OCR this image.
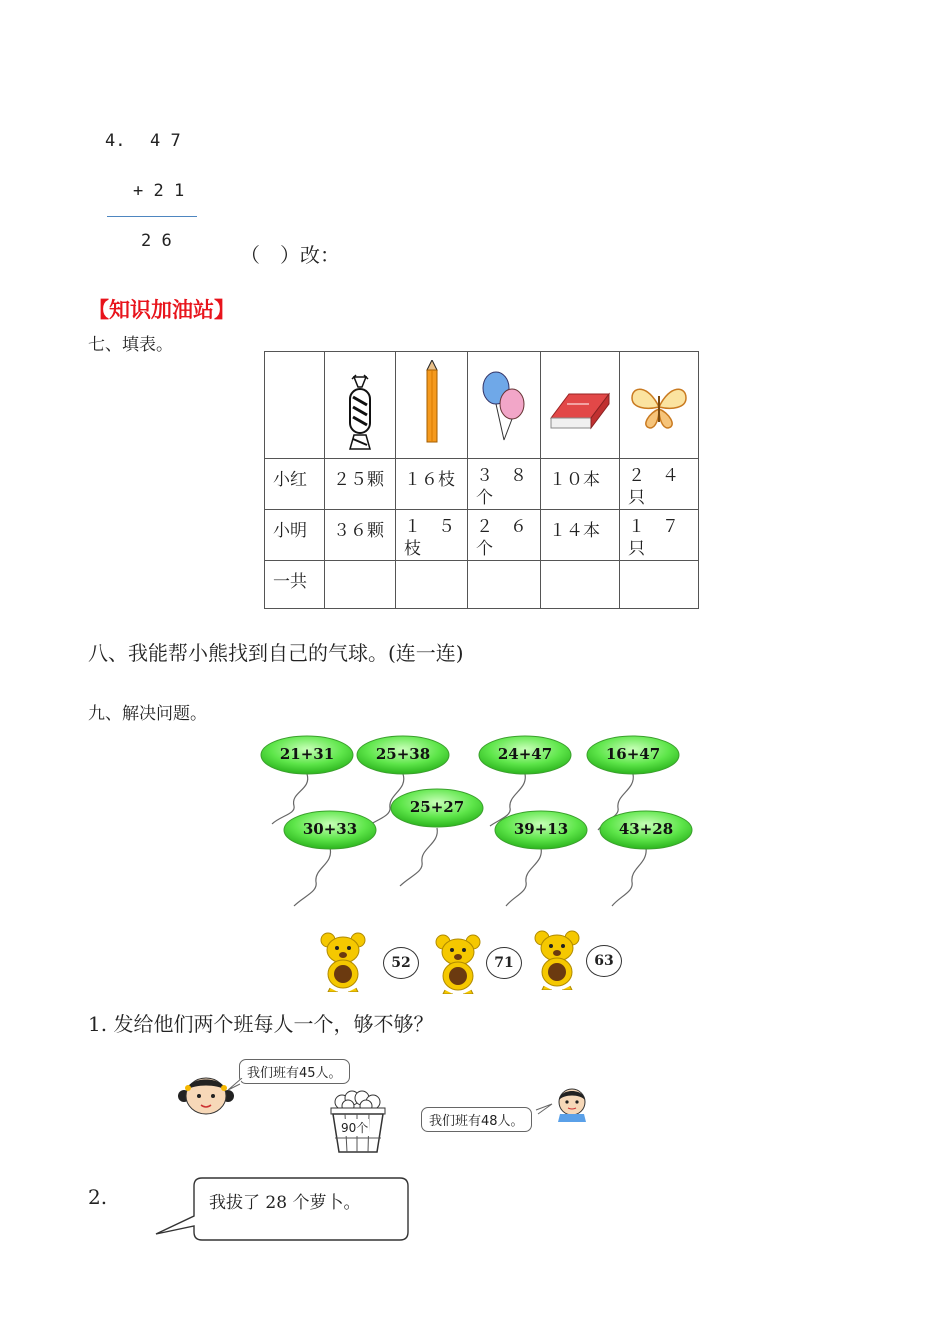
4. 4 7
+ 2 1
2 6
（　）改：
【知识加油站】
七、填表。

小红	２５颗	１６枝	３　８个	１０本	２　４只
小明	３６颗	１　５枝	２　６个	１４本	１　７只
一共					
八、我能帮小熊找到自己的气球。(连一连)
九、解决问题。
21+31	25+38	24+47	16+47
25+27
30+33	39+13	43+28
52	71	63
1. 发给他们两个班每人一个，够不够？
我们班有45人。
90个	我们班有48人。
2.	我拔了 28 个萝卜。
